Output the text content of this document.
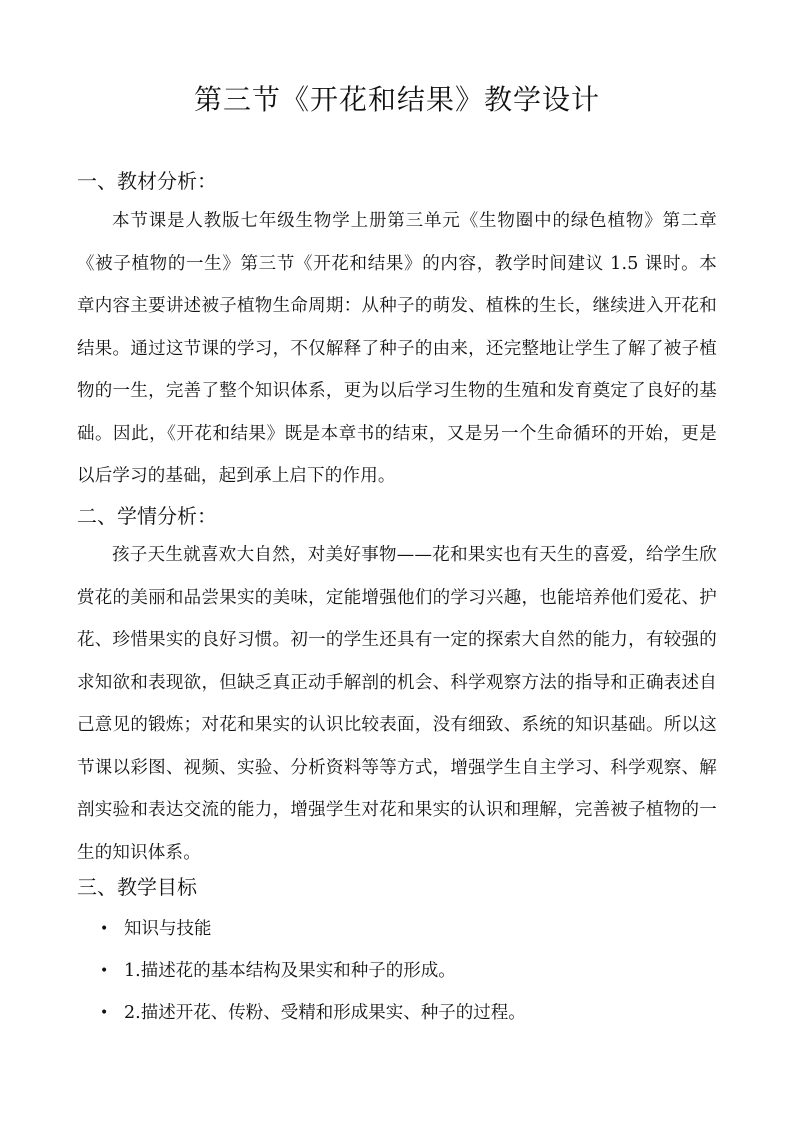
第三节《开花和结果》教学设计
一、教材分析：

本节课是人教版七年级生物学上册第三单元《生物圈中的绿色植物》第二章《被子植物的一生》第三节《开花和结果》的内容，教学时间建议 1.5 课时。本章内容主要讲述被子植物生命周期：从种子的萌发、植株的生长，继续进入开花和结果。通过这节课的学习，不仅解释了种子的由来，还完整地让学生了解了被子植物的一生，完善了整个知识体系，更为以后学习生物的生殖和发育奠定了良好的基础。因此，《开花和结果》既是本章书的结束，又是另一个生命循环的开始，更是以后学习的基础，起到承上启下的作用。

二、学情分析：

孩子天生就喜欢大自然，对美好事物——花和果实也有天生的喜爱，给学生欣赏花的美丽和品尝果实的美味，定能增强他们的学习兴趣，也能培养他们爱花、护花、珍惜果实的良好习惯。初一的学生还具有一定的探索大自然的能力，有较强的求知欲和表现欲，但缺乏真正动手解剖的机会、科学观察方法的指导和正确表述自己意见的锻炼；对花和果实的认识比较表面，没有细致、系统的知识基础。所以这节课以彩图、视频、实验、分析资料等等方式，增强学生自主学习、科学观察、解剖实验和表达交流的能力，增强学生对花和果实的认识和理解，完善被子植物的一生的知识体系。

三、教学目标
• 知识与技能
• 1.描述花的基本结构及果实和种子的形成。
• 2.描述开花、传粉、受精和形成果实、种子的过程。
